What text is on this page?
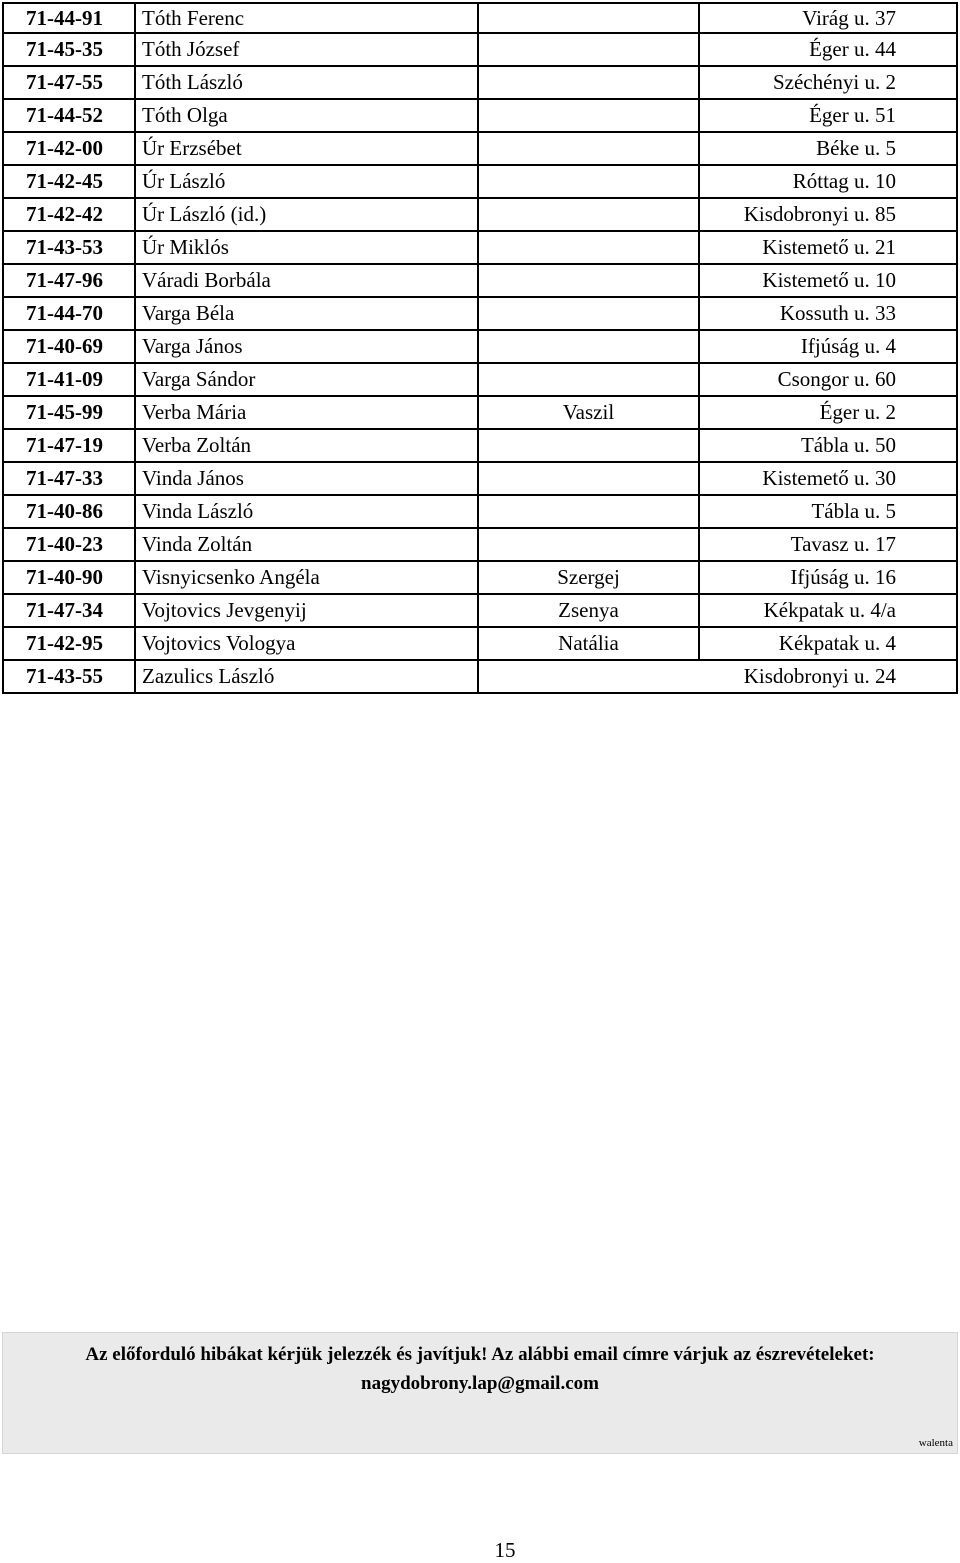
71-44-91	Tóth Ferenc		Virág u. 37
71-45-35	Tóth József		Éger u. 44
71-47-55	Tóth László		Széchényi u. 2
71-44-52	Tóth Olga		Éger u. 51
71-42-00	Úr Erzsébet		Béke u. 5
71-42-45	Úr László		Róttag u. 10
71-42-42	Úr László (id.)		Kisdobronyi u. 85
71-43-53	Úr Miklós		Kistemető u. 21
71-47-96	Váradi Borbála		Kistemető u. 10
71-44-70	Varga Béla		Kossuth u. 33
71-40-69	Varga János		Ifjúság u. 4
71-41-09	Varga Sándor		Csongor u. 60
71-45-99	Verba Mária	Vaszil	Éger u. 2
71-47-19	Verba Zoltán		Tábla u. 50
71-47-33	Vinda János		Kistemető u. 30
71-40-86	Vinda László		Tábla u. 5
71-40-23	Vinda Zoltán		Tavasz u. 17
71-40-90	Visnyicsenko Angéla	Szergej	Ifjúság u. 16
71-47-34	Vojtovics Jevgenyij	Zsenya	Kékpatak u. 4/a
71-42-95	Vojtovics Vologya	Natália	Kékpatak u. 4
71-43-55	Zazulics László		Kisdobronyi u. 24
Az előforduló hibákat kérjük jelezzék és javítjuk! Az alábbi email címre várjuk az észrevételeket:
nagydobrony.lap@gmail.com
walenta
15
